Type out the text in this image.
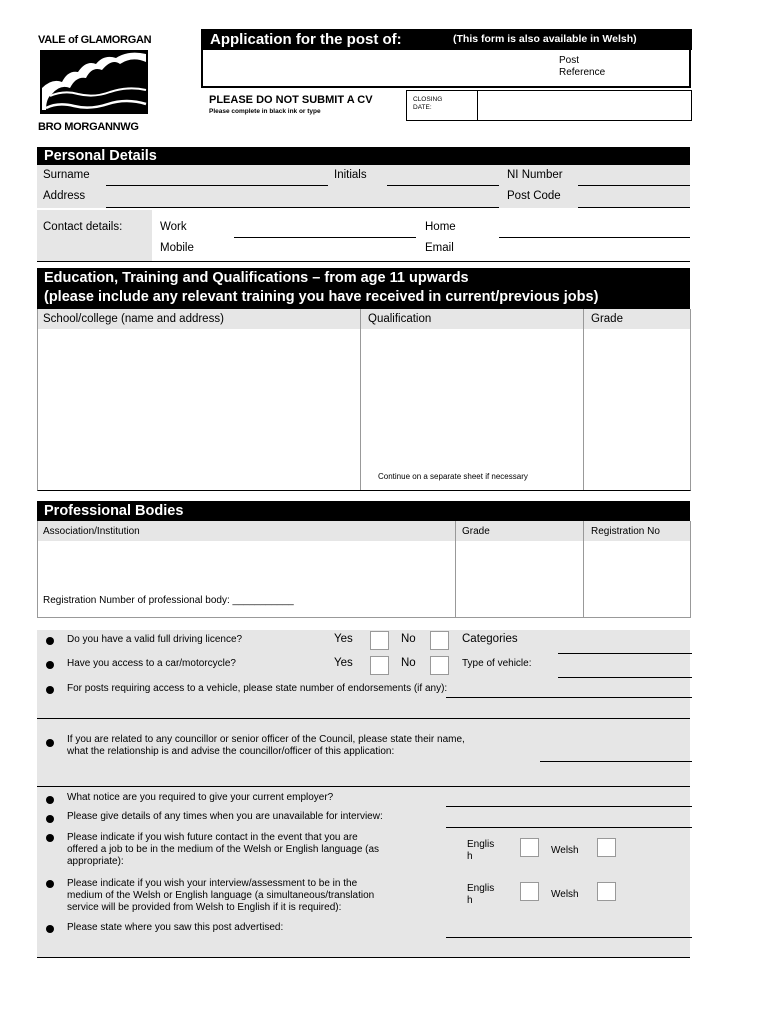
VALE of GLAMORGAN
BRO MORGANNWG
Application for the post of:	(This form is also available in Welsh)
Post
Reference
PLEASE DO NOT SUBMIT A CV
Please complete in black ink or type
CLOSING
DATE:
Personal Details
Surname	Initials	NI Number
Address	Post Code
Contact details:	Work	Home
Mobile	Email
Education, Training and Qualifications – from age 11 upwards
(please include any relevant training you have received in current/previous jobs)
School/college (name and address)	Qualification	Grade
Continue on a separate sheet if necessary
Professional Bodies
Association/Institution	Grade	Registration No
Registration Number of professional body: ___________
Do you have a valid full driving licence?	Yes	No	Categories
Have you access to a car/motorcycle?	Yes	No	Type of vehicle:
For posts requiring access to a vehicle, please state number of endorsements (if any):
If you are related to any councillor or senior officer of the Council, please state their name,
what the relationship is and advise the councillor/officer of this application:
What notice are you required to give your current employer?
Please give details of any times when you are unavailable for interview:
Please indicate if you wish future contact in the event that you are
offered a job to be in the medium of the Welsh or English language (as
appropriate):
Englis
h
Welsh
Please indicate if you wish your interview/assessment to be in the
medium of the Welsh or English language (a simultaneous/translation
service will be provided from Welsh to English if it is required):
Englis
h
Welsh
Please state where you saw this post advertised:
